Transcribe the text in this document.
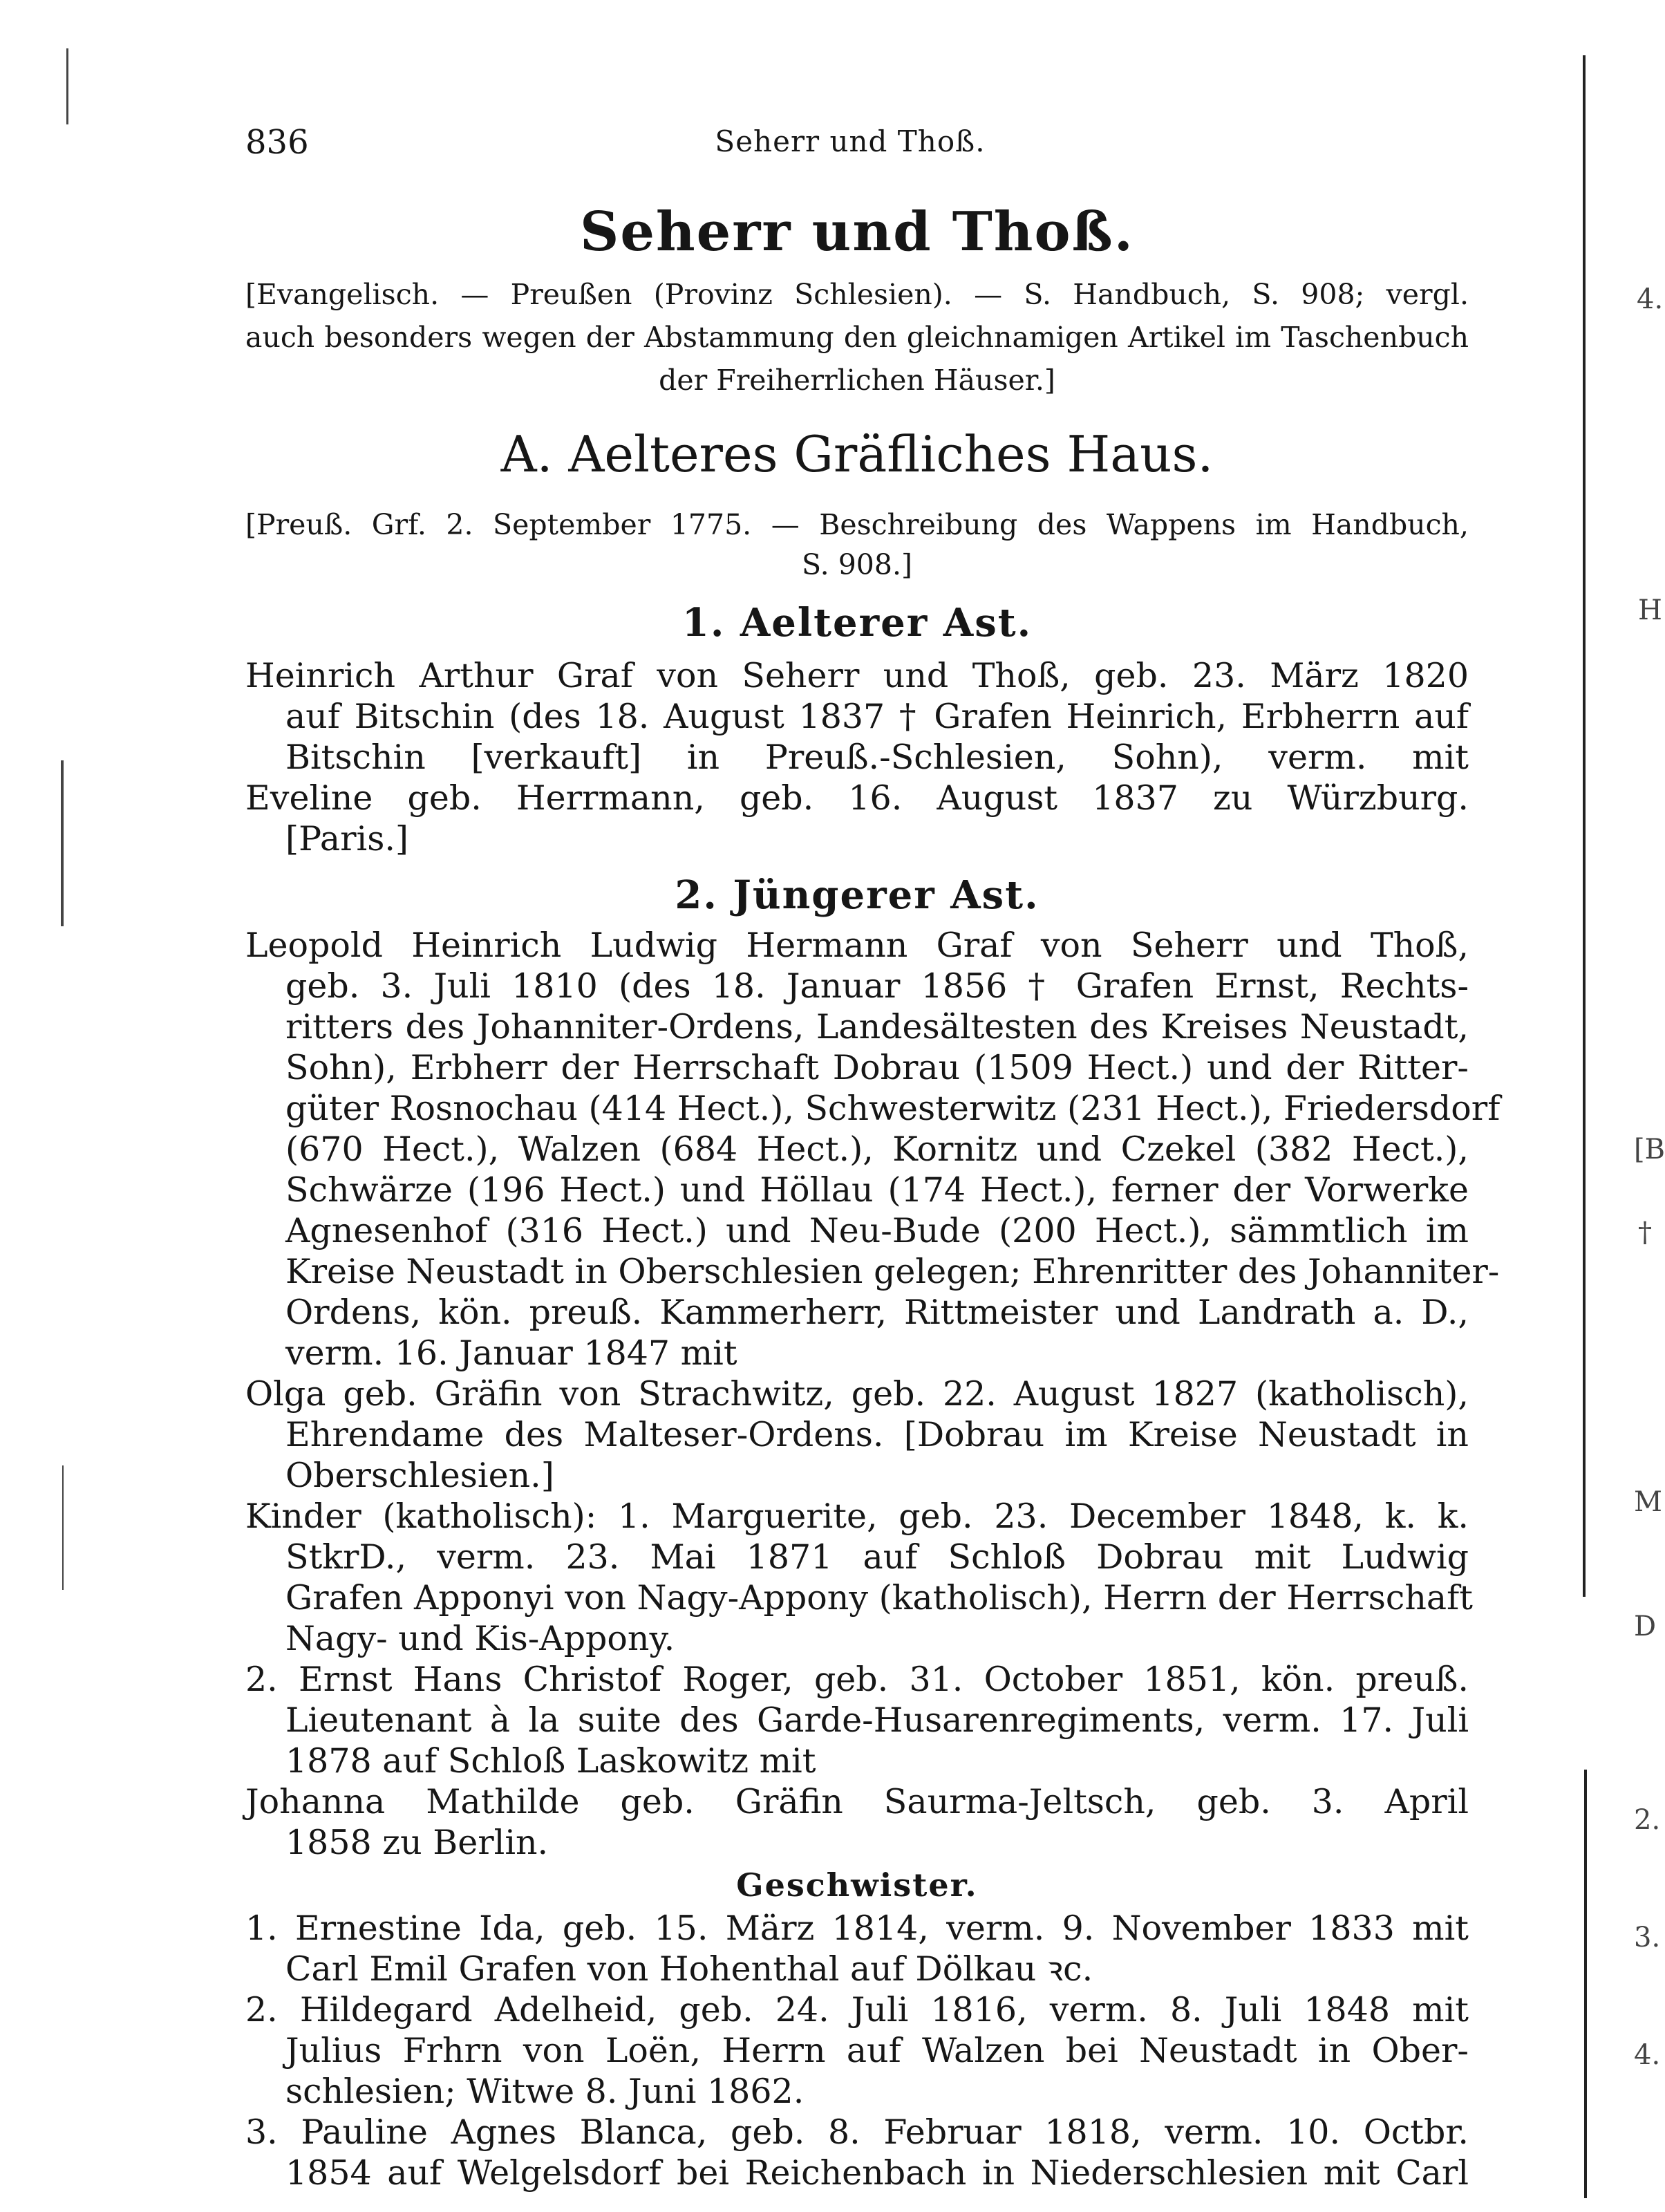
4.
H
[B
†
M
D
2.
3.
4.
836	Seherr und Thoß.
Seherr und Thoß.
[Evangelisch. — Preußen (Provinz Schlesien). — S. Handbuch, S. 908; vergl.
auch besonders wegen der Abstammung den gleichnamigen Artikel im Taschenbuch
der Freiherrlichen Häuser.]
A. Aelteres Gräfliches Haus.
[Preuß. Grf. 2. September 1775. — Beschreibung des Wappens im Handbuch,
S. 908.]
1. Aelterer Ast.
Heinrich Arthur Graf von Seherr und Thoß, geb. 23. März 1820
auf Bitschin (des 18. August 1837 † Grafen Heinrich, Erbherrn auf
Bitschin [verkauft] in Preuß.-Schlesien, Sohn), verm. mit
Eveline geb. Herrmann, geb. 16. August 1837 zu Würzburg.
[Paris.]
2. Jüngerer Ast.
Leopold Heinrich Ludwig Hermann Graf von Seherr und Thoß,
geb. 3. Juli 1810 (des 18. Januar 1856 † Grafen Ernst, Rechts-
ritters des Johanniter-Ordens, Landesältesten des Kreises Neustadt,
Sohn), Erbherr der Herrschaft Dobrau (1509 Hect.) und der Ritter-
güter Rosnochau (414 Hect.), Schwesterwitz (231 Hect.), Friedersdorf
(670 Hect.), Walzen (684 Hect.), Kornitz und Czekel (382 Hect.),
Schwärze (196 Hect.) und Höllau (174 Hect.), ferner der Vorwerke
Agnesenhof (316 Hect.) und Neu-Bude (200 Hect.), sämmtlich im
Kreise Neustadt in Oberschlesien gelegen; Ehrenritter des Johanniter-
Ordens, kön. preuß. Kammerherr, Rittmeister und Landrath a. D.,
verm. 16. Januar 1847 mit
Olga geb. Gräfin von Strachwitz, geb. 22. August 1827 (katholisch),
Ehrendame des Malteser-Ordens. [Dobrau im Kreise Neustadt in
Oberschlesien.]
Kinder (katholisch): 1. Marguerite, geb. 23. December 1848, k. k.
StkrD., verm. 23. Mai 1871 auf Schloß Dobrau mit Ludwig
Grafen Apponyi von Nagy-Appony (katholisch), Herrn der Herrschaft
Nagy- und Kis-Appony.
2. Ernst Hans Christof Roger, geb. 31. October 1851, kön. preuß.
Lieutenant à la suite des Garde-Husarenregiments, verm. 17. Juli
1878 auf Schloß Laskowitz mit
Johanna Mathilde geb. Gräfin Saurma-Jeltsch, geb. 3. April
1858 zu Berlin.
Geschwister.
1. Ernestine Ida, geb. 15. März 1814, verm. 9. November 1833 mit
Carl Emil Grafen von Hohenthal auf Dölkau ꝛc.
2. Hildegard Adelheid, geb. 24. Juli 1816, verm. 8. Juli 1848 mit
Julius Frhrn von Loën, Herrn auf Walzen bei Neustadt in Ober-
schlesien; Witwe 8. Juni 1862.
3. Pauline Agnes Blanca, geb. 8. Februar 1818, verm. 10. Octbr.
1854 auf Welgelsdorf bei Reichenbach in Niederschlesien mit Carl
